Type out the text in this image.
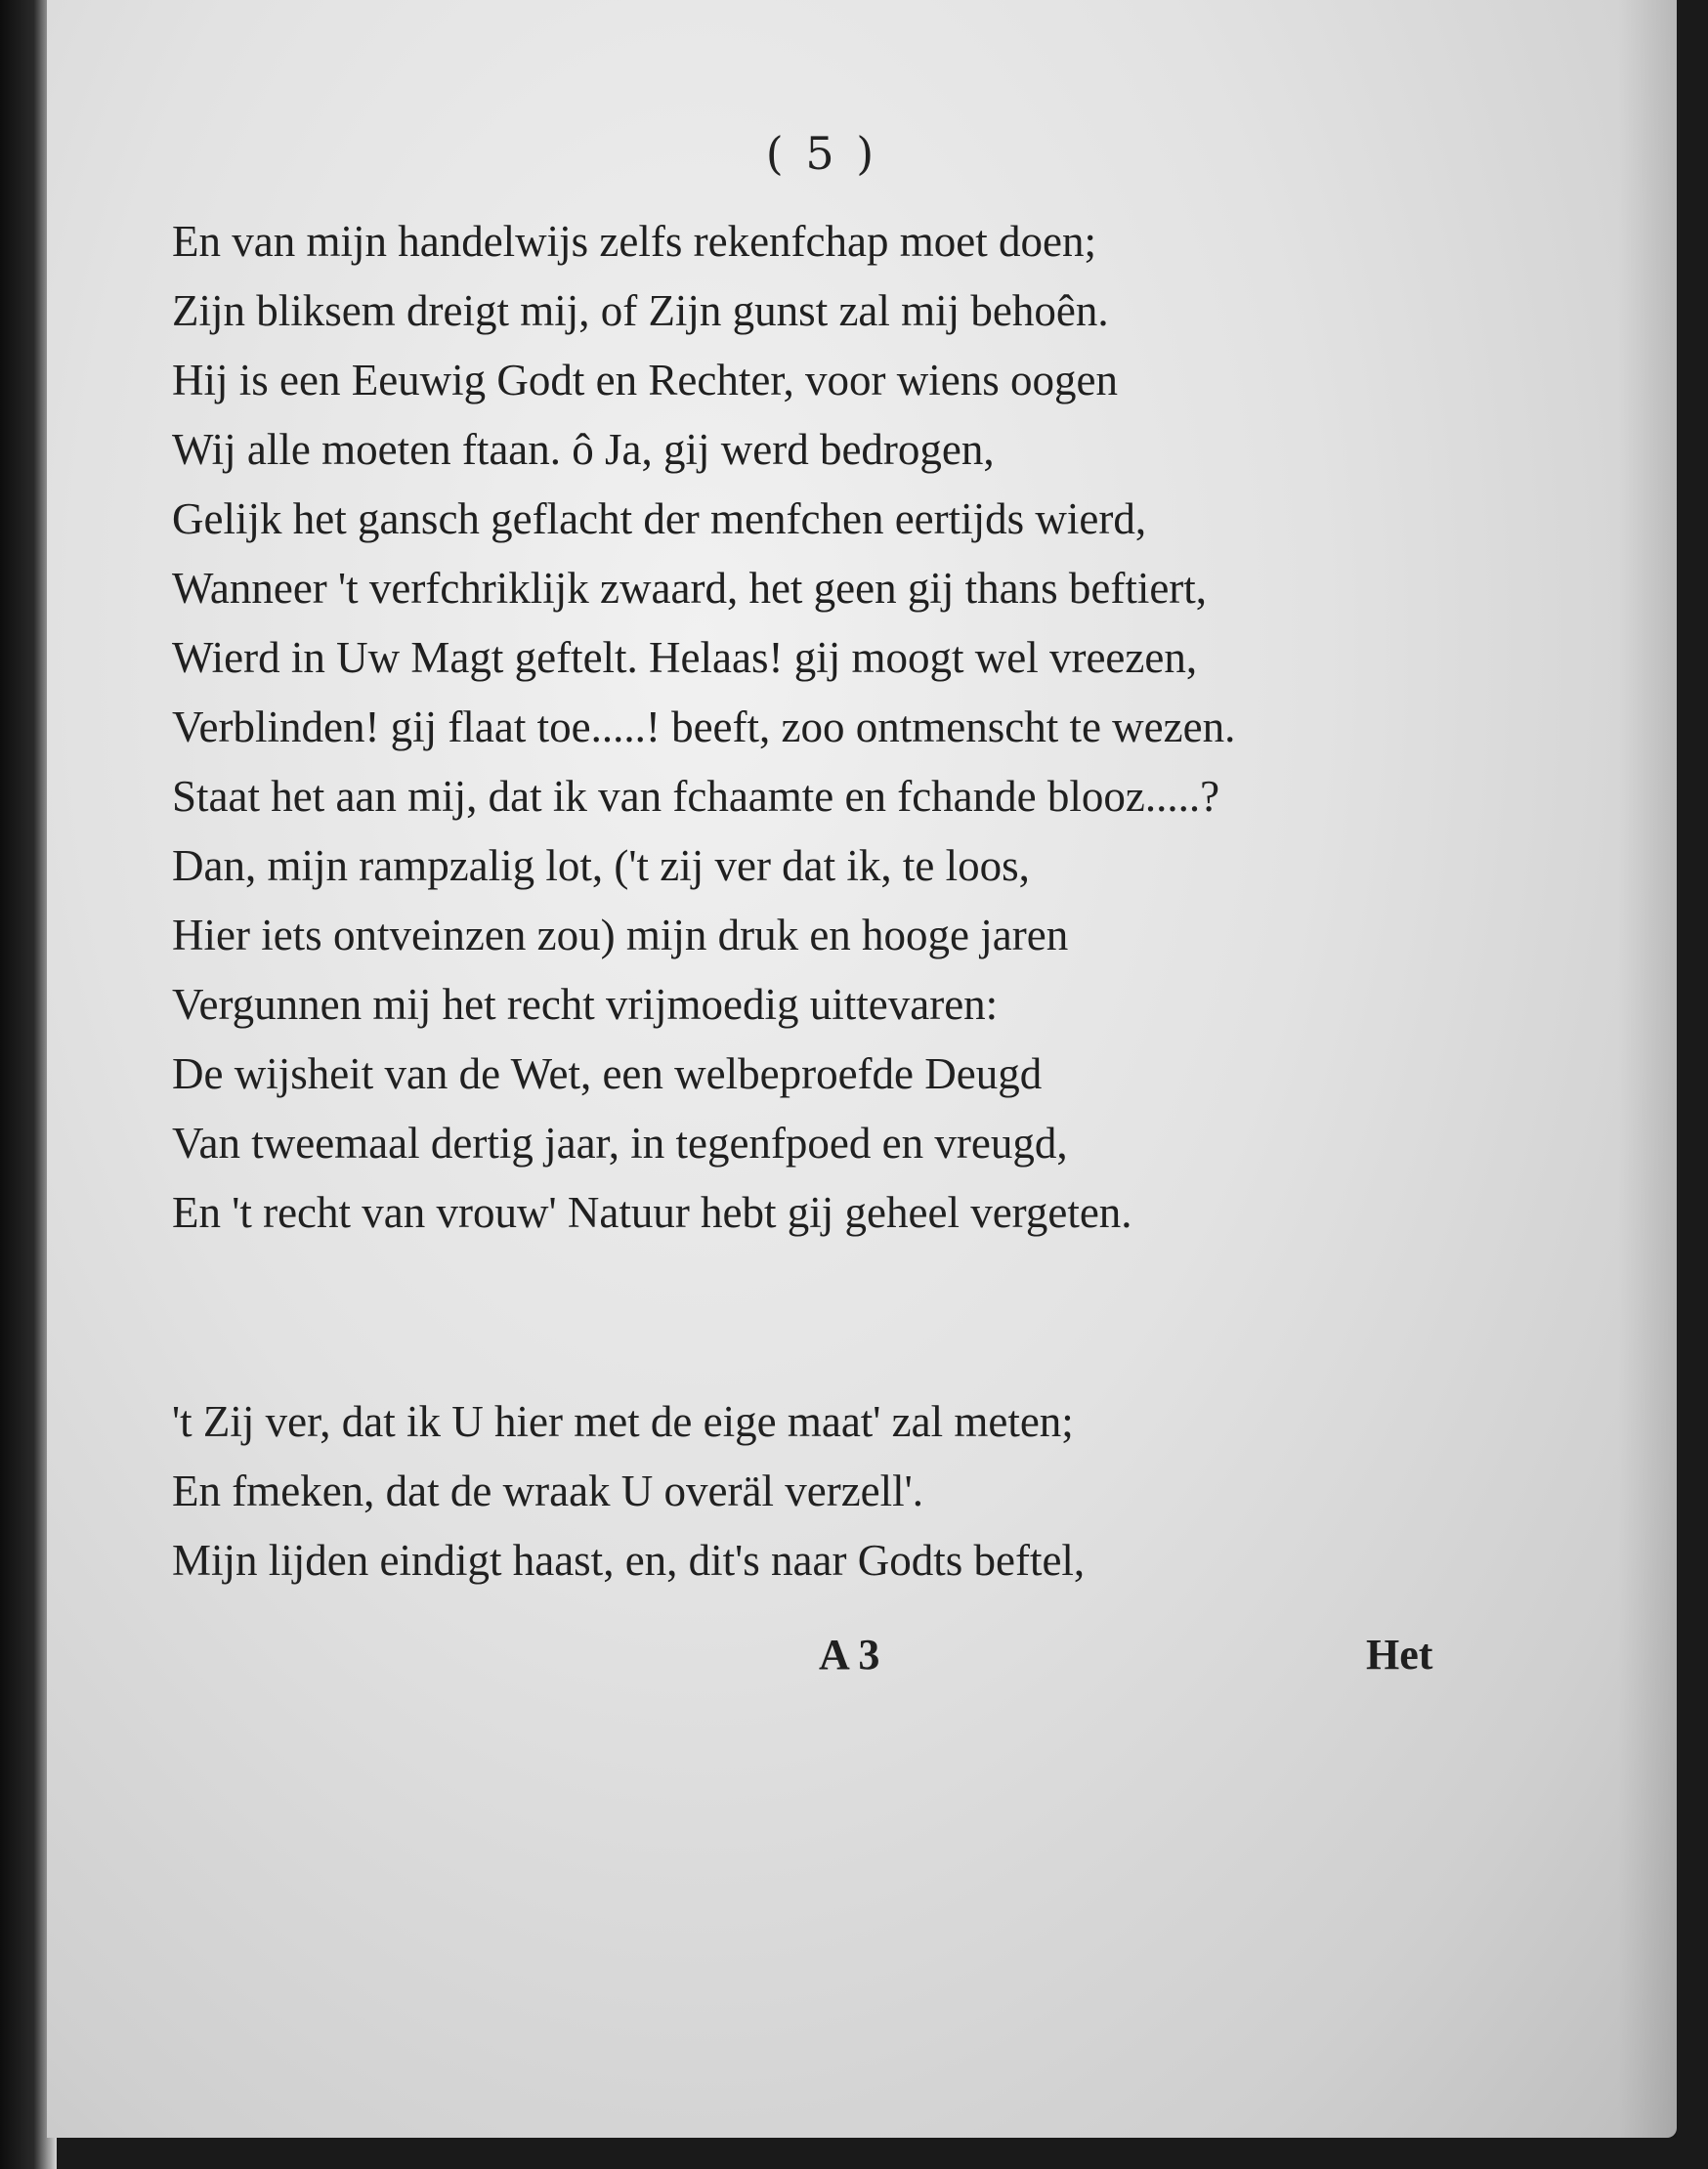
( 5 )
En van mijn handelwijs zelfs rekenfchap moet doen;
Zijn bliksem dreigt mij, of Zijn gunst zal mij behoên.
Hij is een Eeuwig Godt en Rechter, voor wiens oogen
Wij alle moeten ftaan. ô Ja, gij werd bedrogen,
Gelijk het gansch geflacht der menfchen eertijds wierd,
Wanneer 't verfchriklijk zwaard, het geen gij thans beftiert,
Wierd in Uw Magt geftelt. Helaas! gij moogt wel vreezen,
Verblinden! gij flaat toe.....! beeft, zoo ontmenscht te wezen.
Staat het aan mij, dat ik van fchaamte en fchande blooz.....?
Dan, mijn rampzalig lot, ('t zij ver dat ik, te loos,
Hier iets ontveinzen zou) mijn druk en hooge jaren
Vergunnen mij het recht vrijmoedig uittevaren:
De wijsheit van de Wet, een welbeproefde Deugd
Van tweemaal dertig jaar, in tegenfpoed en vreugd,
En 't recht van vrouw' Natuur hebt gij geheel vergeten.
't Zij ver, dat ik U hier met de eige maat' zal meten;
En fmeken, dat de wraak U overäl verzell'.
Mijn lijden eindigt haast, en, dit's naar Godts beftel,
A 3	Het
